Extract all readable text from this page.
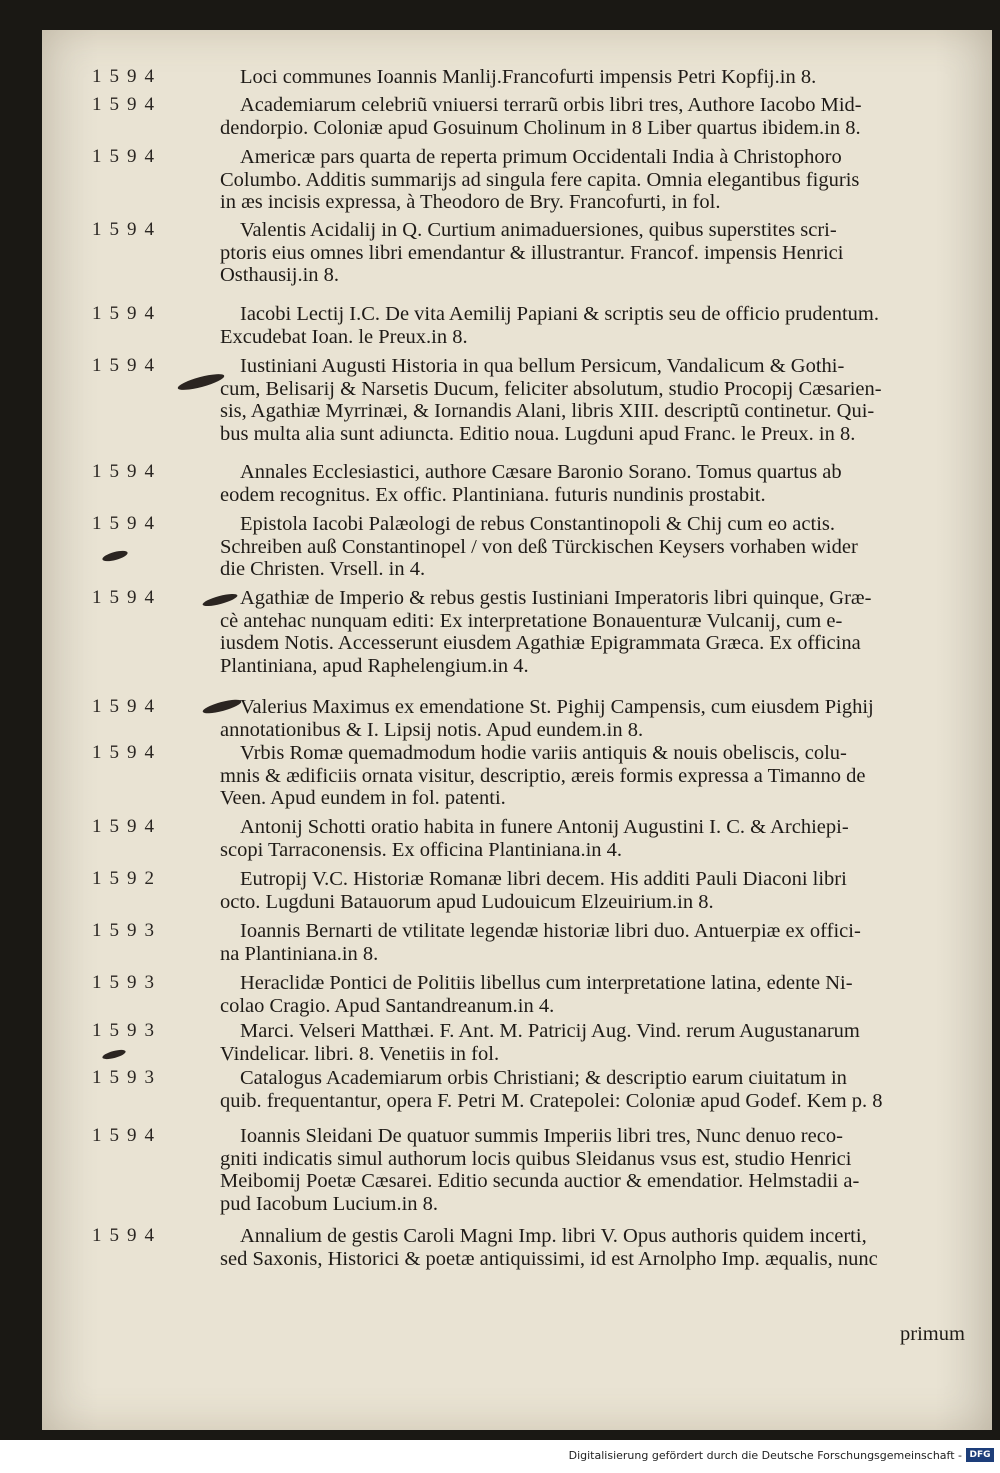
1594	Loci communes Ioannis Manlij.Francofurti impensis Petri Kopfij.in 8.
1594	Academiarum celebriũ vniuersi terrarũ orbis libri tres, Authore Iacobo Mid-
dendorpio. Coloniæ apud Gosuinum Cholinum in 8 Liber quartus ibidem.in 8.
1594	Americæ pars quarta de reperta primum Occidentali India à Christophoro
Columbo. Additis summarijs ad singula fere capita. Omnia elegantibus figuris
in æs incisis expressa, à Theodoro de Bry. Francofurti, in fol.
1594	Valentis Acidalij in Q. Curtium animaduersiones, quibus superstites scri-
ptoris eius omnes libri emendantur & illustrantur. Francof. impensis Henrici
Osthausij.in 8.
1594	Iacobi Lectij I.C. De vita Aemilij Papiani & scriptis seu de officio prudentum.
Excudebat Ioan. le Preux.in 8.
1594	Iustiniani Augusti Historia in qua bellum Persicum, Vandalicum & Gothi-
cum, Belisarij & Narsetis Ducum, feliciter absolutum, studio Procopij Cæsarien-
sis, Agathiæ Myrrinæi, & Iornandis Alani, libris XIII. descriptũ continetur. Qui-
bus multa alia sunt adiuncta. Editio noua. Lugduni apud Franc. le Preux. in 8.
1594	Annales Ecclesiastici, authore Cæsare Baronio Sorano. Tomus quartus ab
eodem recognitus. Ex offic. Plantiniana. futuris nundinis prostabit.
1594	Epistola Iacobi Palæologi de rebus Constantinopoli & Chij cum eo actis.
Schreiben auß Constantinopel / von deß Türckischen Keysers vorhaben wider
die Christen. Vrsell. in 4.
1594	Agathiæ de Imperio & rebus gestis Iustiniani Imperatoris libri quinque, Græ-
cè antehac nunquam editi: Ex interpretatione Bonauenturæ Vulcanij, cum e-
iusdem Notis. Accesserunt eiusdem Agathiæ Epigrammata Græca. Ex officina
Plantiniana, apud Raphelengium.in 4.
1594	Valerius Maximus ex emendatione St. Pighij Campensis, cum eiusdem Pighij
annotationibus & I. Lipsij notis. Apud eundem.in 8.
1594	Vrbis Romæ quemadmodum hodie variis antiquis & nouis obeliscis, colu-
mnis & ædificiis ornata visitur, descriptio, æreis formis expressa a Timanno de
Veen. Apud eundem in fol. patenti.
1594	Antonij Schotti oratio habita in funere Antonij Augustini I. C. & Archiepi-
scopi Tarraconensis. Ex officina Plantiniana.in 4.
1592	Eutropij V.C. Historiæ Romanæ libri decem. His additi Pauli Diaconi libri
octo. Lugduni Batauorum apud Ludouicum Elzeuirium.in 8.
1593	Ioannis Bernarti de vtilitate legendæ historiæ libri duo. Antuerpiæ ex offici-
na Plantiniana.in 8.
1593	Heraclidæ Pontici de Politiis libellus cum interpretatione latina, edente Ni-
colao Cragio. Apud Santandreanum.in 4.
1593	Marci. Velseri Matthæi. F. Ant. M. Patricij Aug. Vind. rerum Augustanarum
Vindelicar. libri. 8. Venetiis in fol.
1593	Catalogus Academiarum orbis Christiani; & descriptio earum ciuitatum in
quib. frequentantur, opera F. Petri M. Cratepolei: Coloniæ apud Godef. Kem p. 8
1594	Ioannis Sleidani De quatuor summis Imperiis libri tres, Nunc denuo reco-
gniti indicatis simul authorum locis quibus Sleidanus vsus est, studio Henrici
Meibomij Poetæ Cæsarei. Editio secunda auctior & emendatior. Helmstadii a-
pud Iacobum Lucium.in 8.
1594	Annalium de gestis Caroli Magni Imp. libri V. Opus authoris quidem incerti,
sed Saxonis, Historici & poetæ antiquissimi, id est Arnolpho Imp. æqualis, nunc
primum
Digitalisierung gefördert durch die Deutsche Forschungsgemeinschaft - DFG
